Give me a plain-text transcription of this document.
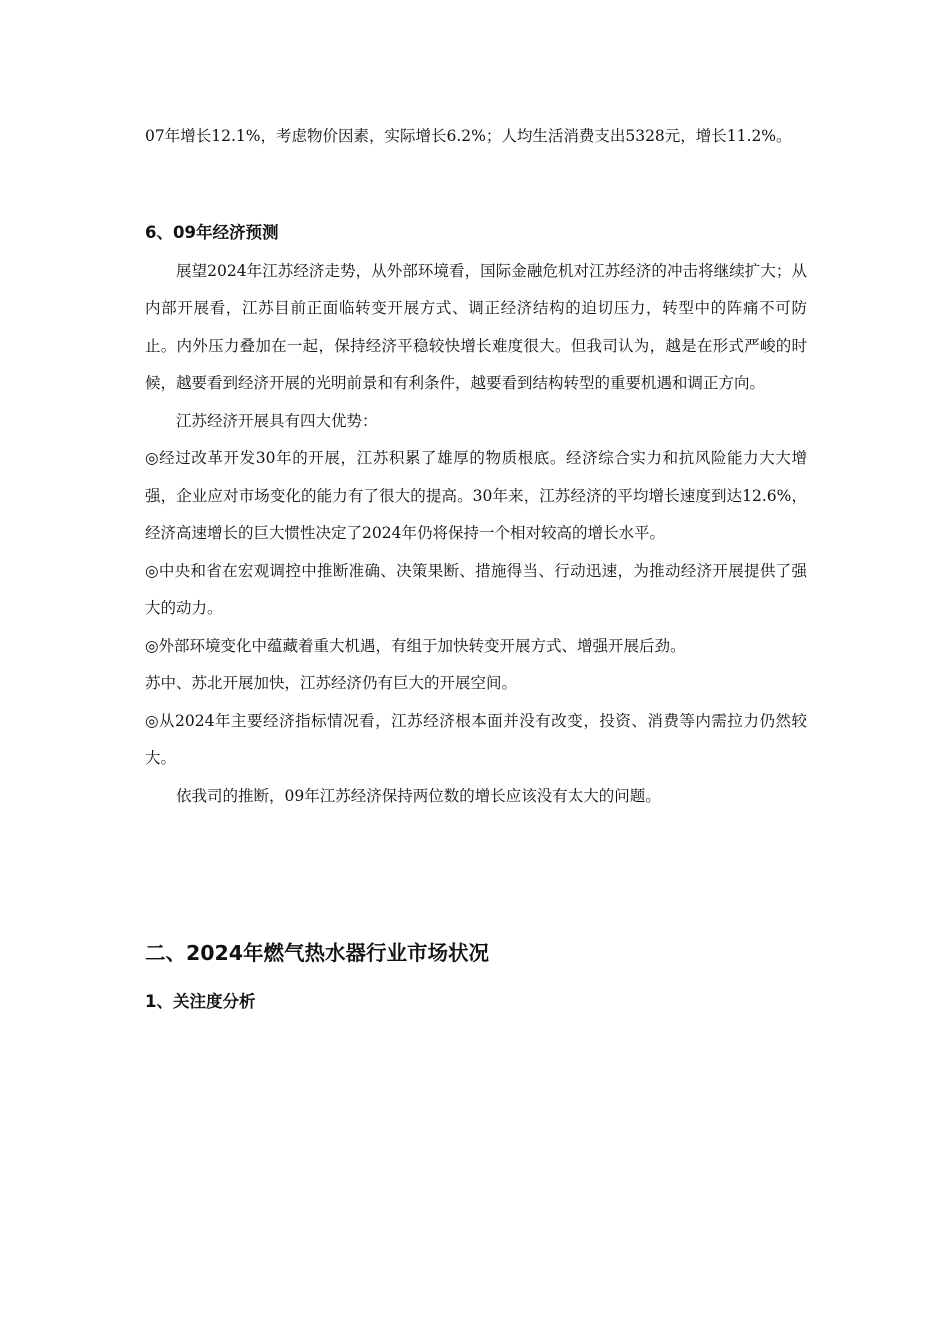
07年增长12.1%，考虑物价因素，实际增长6.2%；人均生活消费支出5328元，增长11.2%。

6、09年经济预测

展望2024年江苏经济走势，从外部环境看，国际金融危机对江苏经济的冲击将继续扩大；从内部开展看，江苏目前正面临转变开展方式、调正经济结构的迫切压力，转型中的阵痛不可防止。内外压力叠加在一起，保持经济平稳较快增长难度很大。但我司认为，越是在形式严峻的时候，越要看到经济开展的光明前景和有利条件，越要看到结构转型的重要机遇和调正方向。

江苏经济开展具有四大优势：

◎经过改革开发30年的开展，江苏积累了雄厚的物质根底。经济综合实力和抗风险能力大大增强，企业应对市场变化的能力有了很大的提高。30年来，江苏经济的平均增长速度到达12.6%，经济高速增长的巨大惯性决定了2024年仍将保持一个相对较高的增长水平。

◎中央和省在宏观调控中推断准确、决策果断、措施得当、行动迅速，为推动经济开展提供了强大的动力。

◎外部环境变化中蕴藏着重大机遇，有组于加快转变开展方式、增强开展后劲。

苏中、苏北开展加快，江苏经济仍有巨大的开展空间。

◎从2024年主要经济指标情况看，江苏经济根本面并没有改变，投资、消费等内需拉力仍然较大。

依我司的推断，09年江苏经济保持两位数的增长应该没有太大的问题。

二、2024年燃气热水器行业市场状况
1、关注度分析
